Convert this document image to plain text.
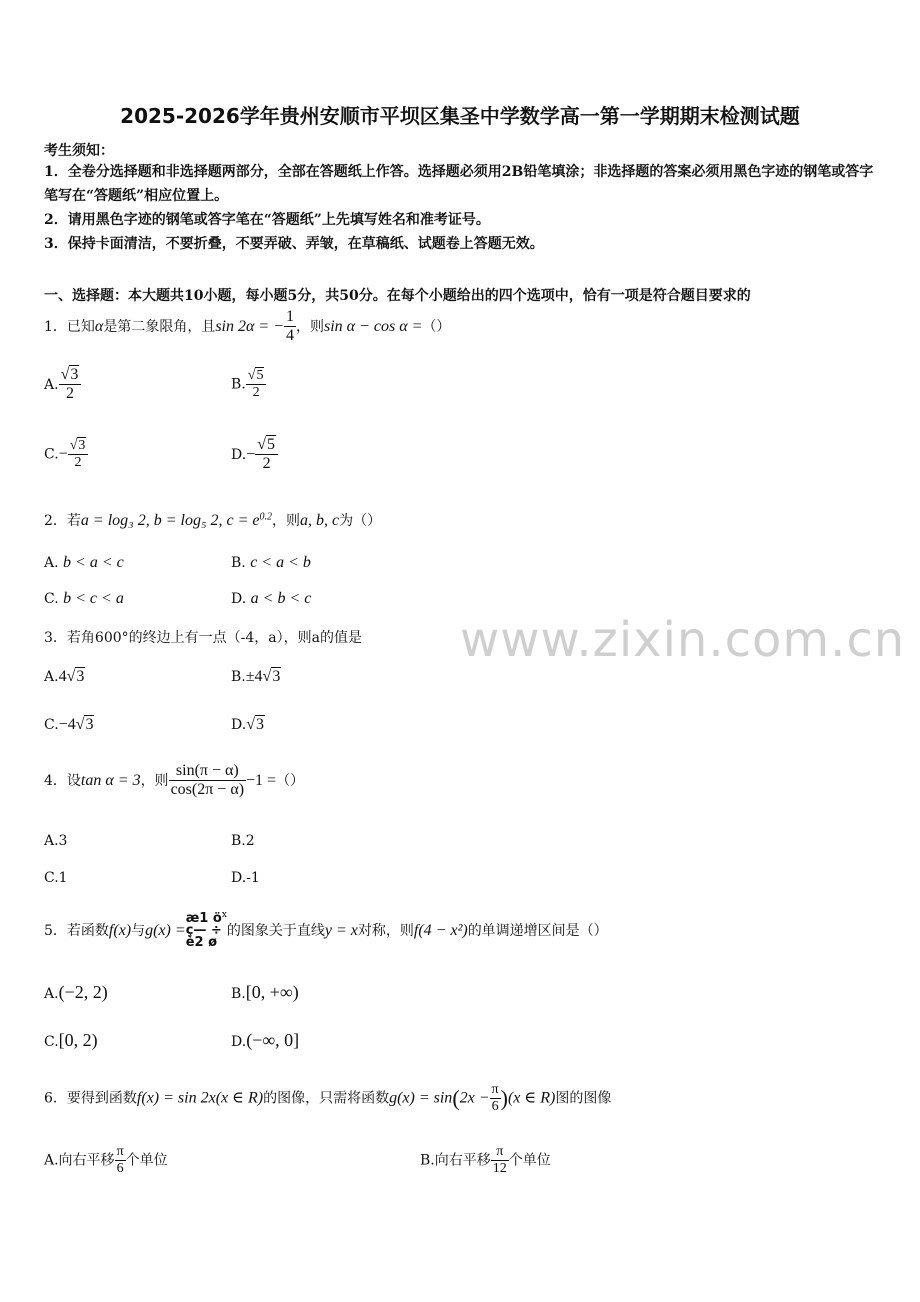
2025-2026学年贵州安顺市平坝区集圣中学数学高一第一学期期末检测试题
考生须知：
1．全卷分选择题和非选择题两部分，全部在答题纸上作答。选择题必须用2B铅笔填涂；非选择题的答案必须用黑色字迹的钢笔或答字笔写在“答题纸”相应位置上。
2．请用黑色字迹的钢笔或答字笔在“答题纸”上先填写姓名和准考证号。
3．保持卡面清洁，不要折叠，不要弄破、弄皱，在草稿纸、试题卷上答题无效。
一、选择题：本大题共10小题，每小题5分，共50分。在每个小题给出的四个选项中，恰有一项是符合题目要求的
www.zixin.com.cn
1．已知α是第二象限角，且sin 2α = − $\frac{1}{4}$ ，则sin α − cos α =（）
A. $\frac{√3}{2}$	B. $\frac{√5}{2}$
$C.- \frac{√3}{2}$	$D.- \frac{√5}{2}$
2．若a = log₃ 2, b = log₅ 2, $c = e^{0.2}$，则a, b, c为（）
A. b < a < c	B. c < a < b
C. b < c < a	D. a < b < c
3．若角600°的终边上有一点（-4，a），则a的值是
A.4√3	B.±4√3
C.−4√3	D.√3
4．设tan α = 3，则 $\frac{\sin(\pi - \alpha)}{\cos(2\pi - \alpha)} -1$ =（）
A.3	B.2
C.1	D.-1
5．若函数f(x)与g(x) =
æ1 ö
ç— ÷
è2 ø
$^x$的图象关于直线y = x对称，则f(4 − x²)的单调递增区间是（）
A.(−2, 2)	B.[0, +∞)
C.[0, 2)	D.(−∞, 0]
6．要得到函数f(x) = sin 2x(x ∈ R)的图像，只需将函数$g(x) = \sin(2x - \frac{\pi}{6} )(x$ ∈ R)图的图像
A.向右平移 $\frac{\pi}{6}$ 个单位	B.向右平移 $\frac{\pi}{12}$ 个单位
